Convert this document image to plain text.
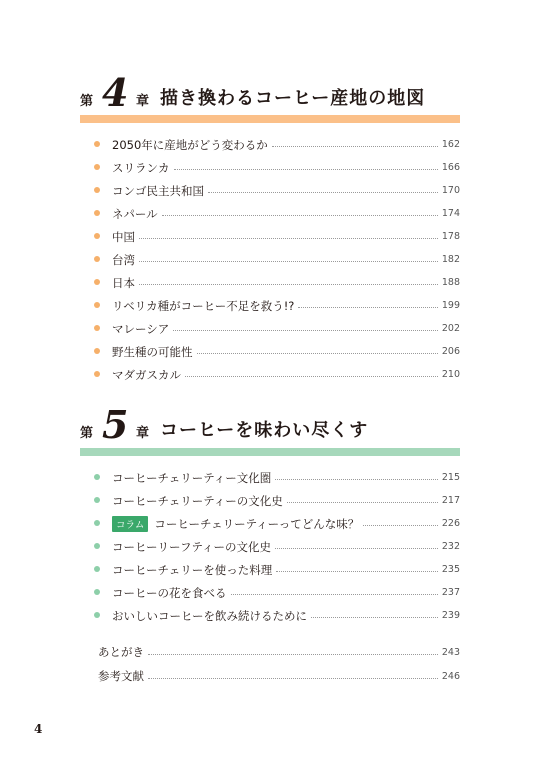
第 4 章 描き換わるコーヒー産地の地図
2050年に産地がどう変わるか	162
スリランカ	166
コンゴ民主共和国	170
ネパール	174
中国	178
台湾	182
日本	188
リベリカ種がコーヒー不足を救う!?	199
マレーシア	202
野生種の可能性	206
マダガスカル	210
第 5 章 コーヒーを味わい尽くす
コーヒーチェリーティー文化圏	215
コーヒーチェリーティーの文化史	217
コラム コーヒーチェリーティーってどんな味？	226
コーヒーリーフティーの文化史	232
コーヒーチェリーを使った料理	235
コーヒーの花を食べる	237
おいしいコーヒーを飲み続けるために	239
あとがき	243
参考文献	246
4
